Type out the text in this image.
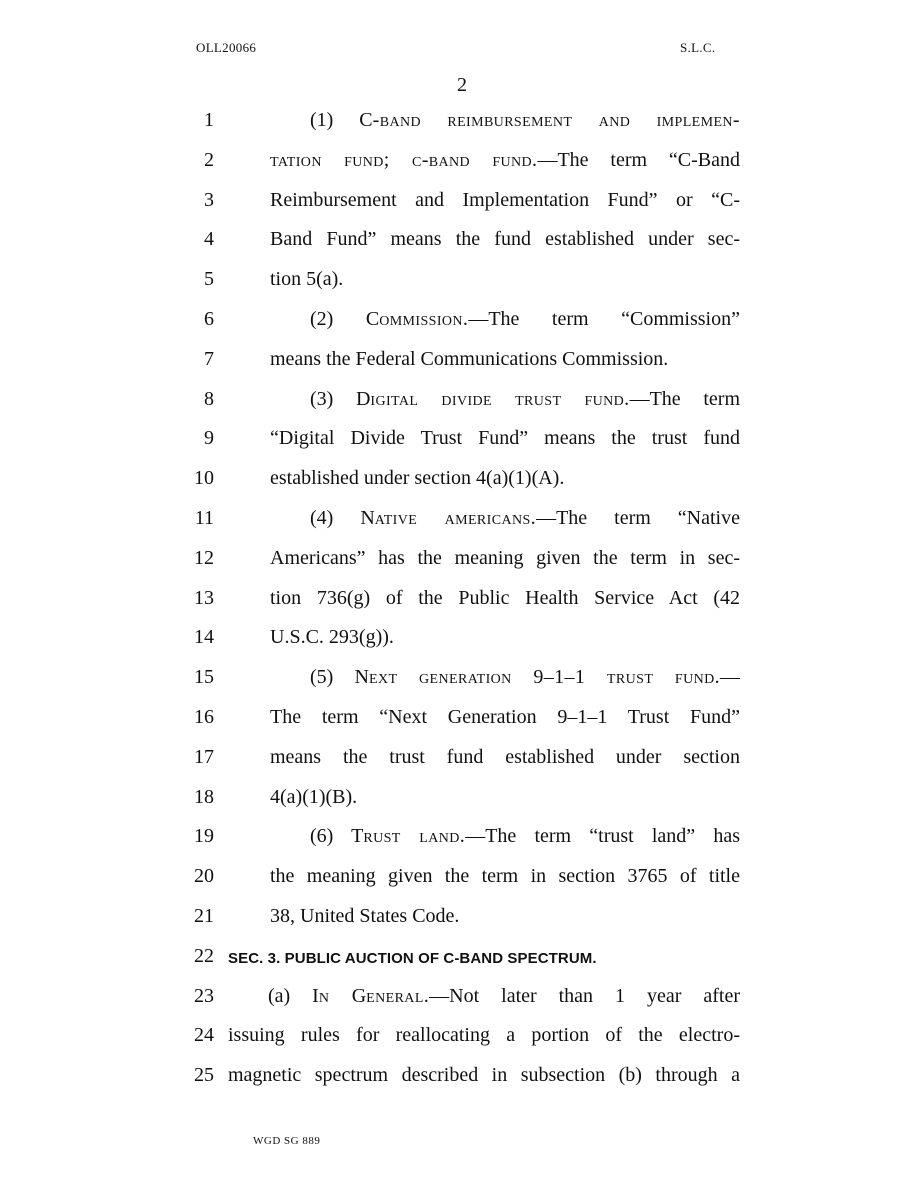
OLL20066	S.L.C.
2
1	(1) C-band reimbursement and implemen-
2	tation fund; c-band fund.—The term “C-Band
3	Reimbursement and Implementation Fund” or “C-
4	Band Fund” means the fund established under sec-
5	tion 5(a).
6	(2) Commission.—The term “Commission”
7	means the Federal Communications Commission.
8	(3) Digital divide trust fund.—The term
9	“Digital Divide Trust Fund” means the trust fund
10	established under section 4(a)(1)(A).
11	(4) Native americans.—The term “Native
12	Americans” has the meaning given the term in sec-
13	tion 736(g) of the Public Health Service Act (42
14	U.S.C. 293(g)).
15	(5) Next generation 9–1–1 trust fund.—
16	The term “Next Generation 9–1–1 Trust Fund”
17	means the trust fund established under section
18	4(a)(1)(B).
19	(6) Trust land.—The term “trust land” has
20	the meaning given the term in section 3765 of title
21	38, United States Code.
22 SEC. 3. PUBLIC AUCTION OF C-BAND SPECTRUM.
23	(a) In General.—Not later than 1 year after
24 issuing rules for reallocating a portion of the electro-
25 magnetic spectrum described in subsection (b) through a
WGD SG 889
